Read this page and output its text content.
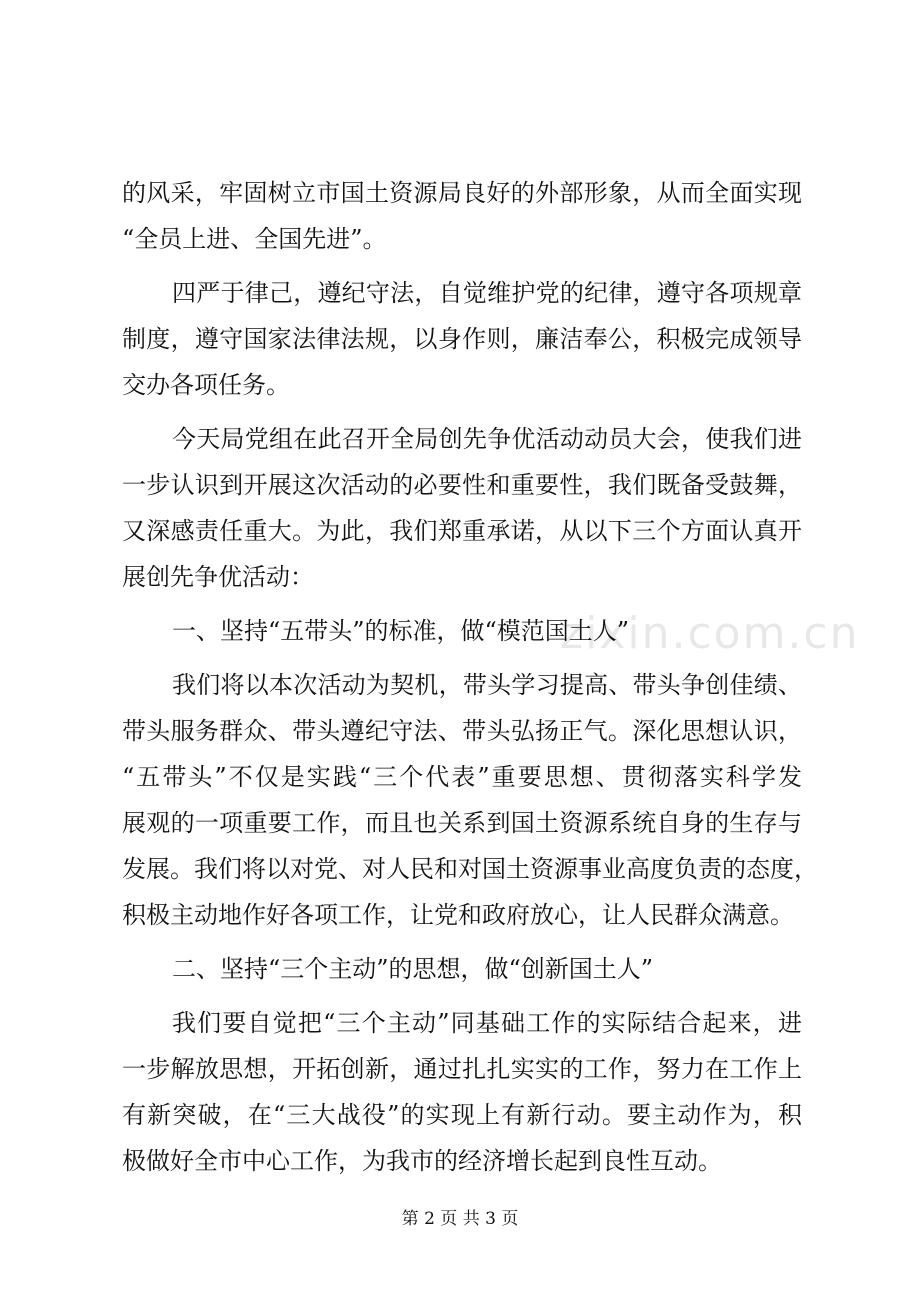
zixin.com.cn
的风采，牢固树立市国土资源局良好的外部形象，从而全面实现
“全员上进、全国先进”。
四严于律己，遵纪守法，自觉维护党的纪律，遵守各项规章
制度，遵守国家法律法规，以身作则，廉洁奉公，积极完成领导
交办各项任务。
今天局党组在此召开全局创先争优活动动员大会，使我们进
一步认识到开展这次活动的必要性和重要性，我们既备受鼓舞，
又深感责任重大。为此，我们郑重承诺，从以下三个方面认真开
展创先争优活动：
一、坚持“五带头”的标准，做“模范国土人”
我们将以本次活动为契机，带头学习提高、带头争创佳绩、
带头服务群众、带头遵纪守法、带头弘扬正气。深化思想认识，
“五带头”不仅是实践“三个代表”重要思想、贯彻落实科学发
展观的一项重要工作，而且也关系到国土资源系统自身的生存与
发展。我们将以对党、对人民和对国土资源事业高度负责的态度，
积极主动地作好各项工作，让党和政府放心，让人民群众满意。
二、坚持“三个主动”的思想，做“创新国土人”
我们要自觉把“三个主动”同基础工作的实际结合起来，进
一步解放思想，开拓创新，通过扎扎实实的工作，努力在工作上
有新突破，在“三大战役”的实现上有新行动。要主动作为，积
极做好全市中心工作，为我市的经济增长起到良性互动。
第 2 页 共 3 页
